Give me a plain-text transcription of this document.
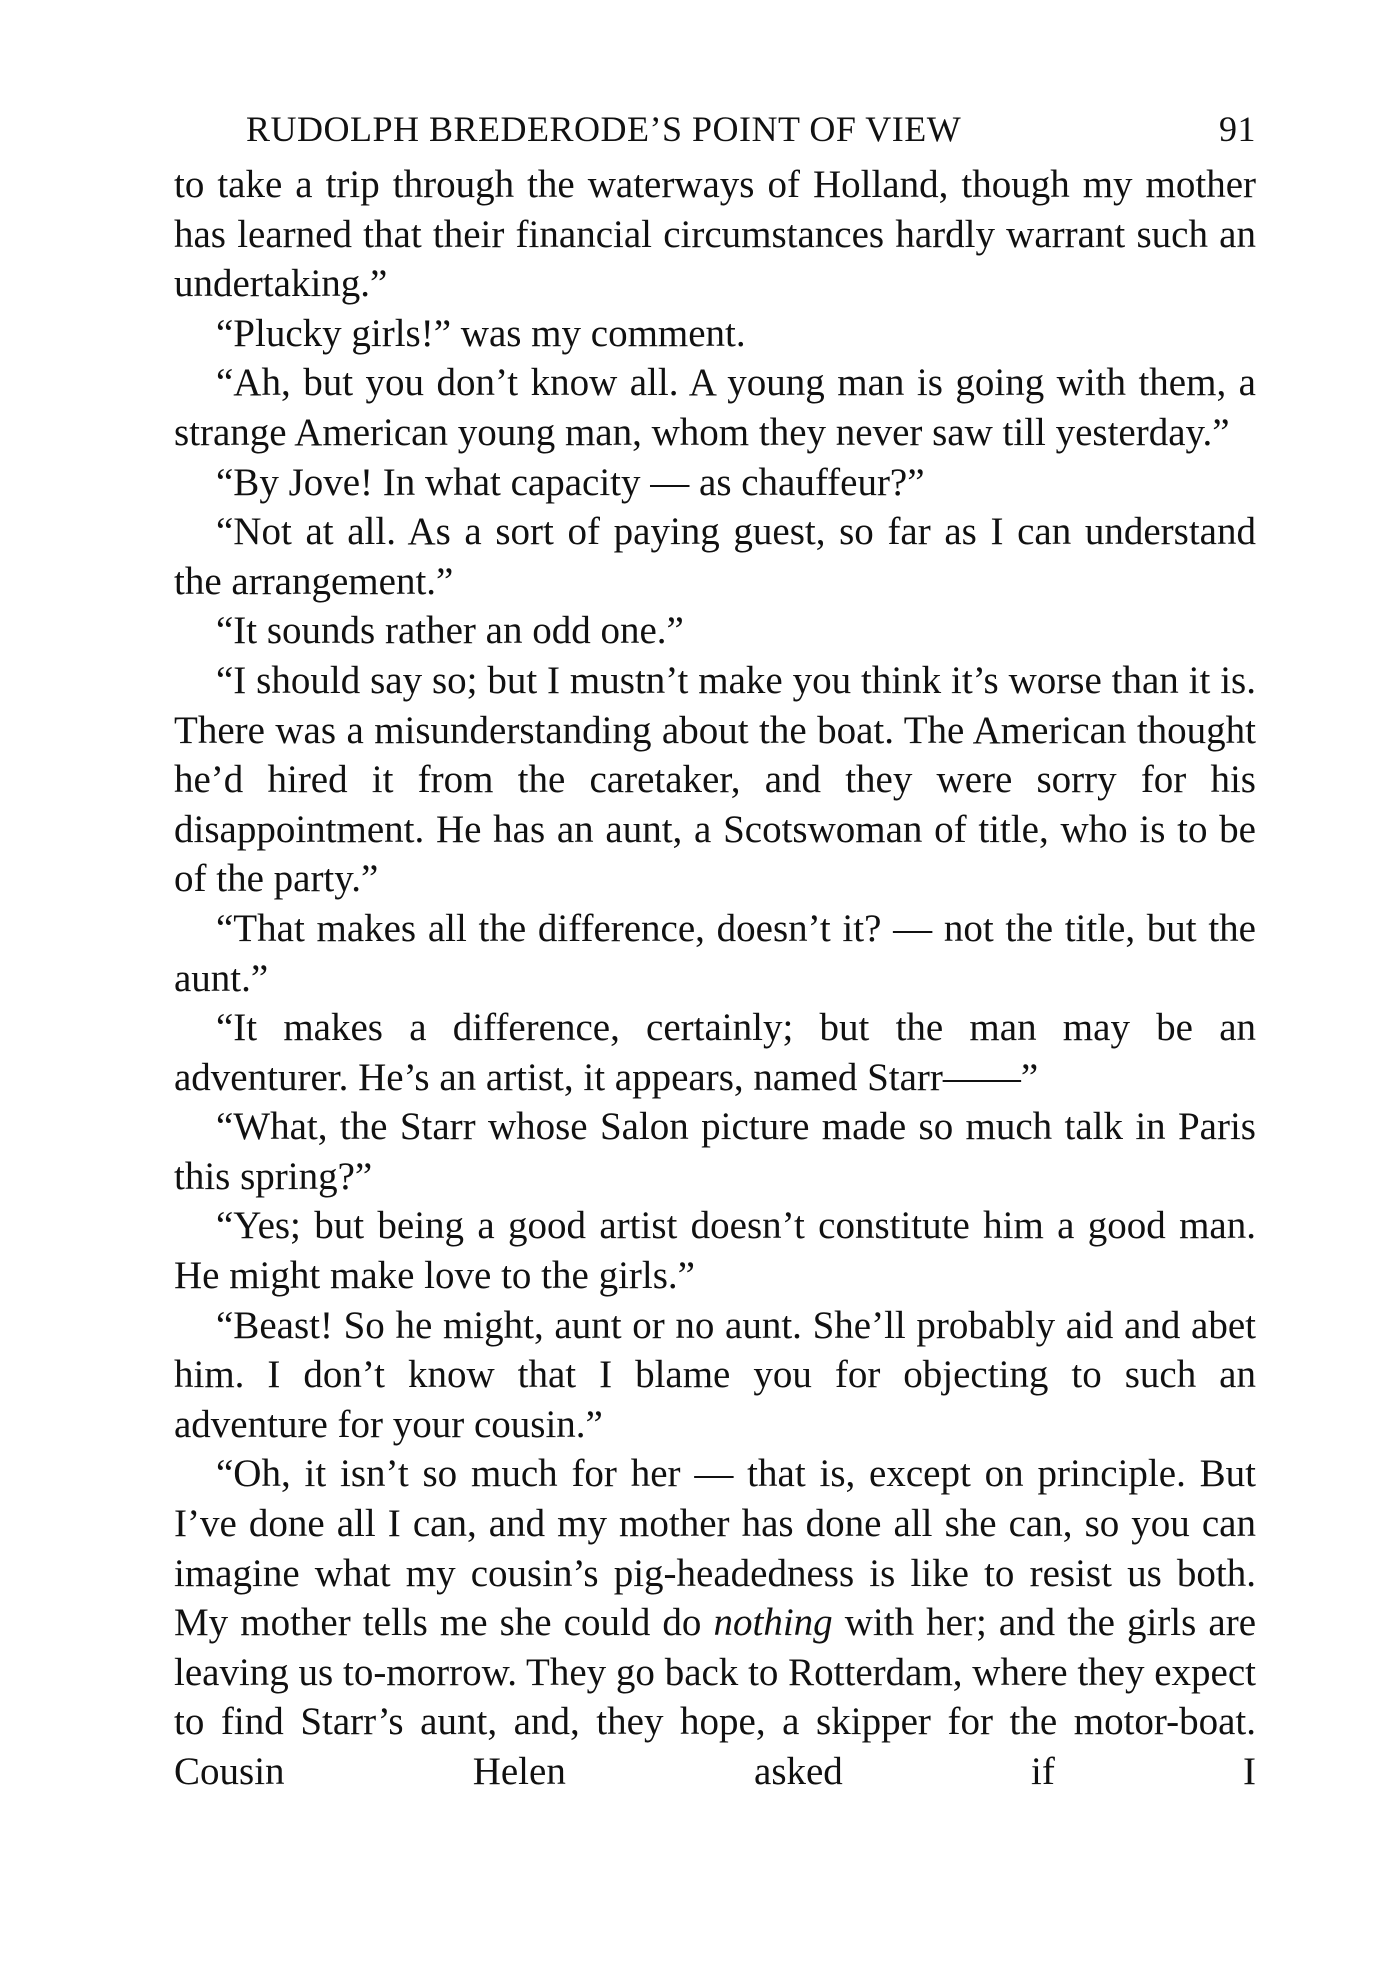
RUDOLPH BREDERODE’S POINT OF VIEW	91

to take a trip through the waterways of Holland, though my mother has learned that their financial circumstances hardly warrant such an undertaking.”

“Plucky girls!” was my comment.

“Ah, but you don’t know all. A young man is going with them, a strange American young man, whom they never saw till yesterday.”

“By Jove! In what capacity — as chauffeur?”

“Not at all. As a sort of paying guest, so far as I can understand the arrangement.”

“It sounds rather an odd one.”

“I should say so; but I mustn’t make you think it’s worse than it is. There was a misunderstanding about the boat. The American thought he’d hired it from the caretaker, and they were sorry for his disappointment. He has an aunt, a Scotswoman of title, who is to be of the party.”

“That makes all the difference, doesn’t it? — not the title, but the aunt.”

“It makes a difference, certainly; but the man may be an adventurer. He’s an artist, it appears, named Starr——”

“What, the Starr whose Salon picture made so much talk in Paris this spring?”

“Yes; but being a good artist doesn’t constitute him a good man. He might make love to the girls.”

“Beast! So he might, aunt or no aunt. She’ll probably aid and abet him. I don’t know that I blame you for objecting to such an adventure for your cousin.”

“Oh, it isn’t so much for her — that is, except on principle. But I’ve done all I can, and my mother has done all she can, so you can imagine what my cousin’s pig-headedness is like to resist us both. My mother tells me she could do nothing with her; and the girls are leaving us to-morrow. They go back to Rotterdam, where they expect to find Starr’s aunt, and, they hope, a skipper for the motor-boat. Cousin Helen asked if I
